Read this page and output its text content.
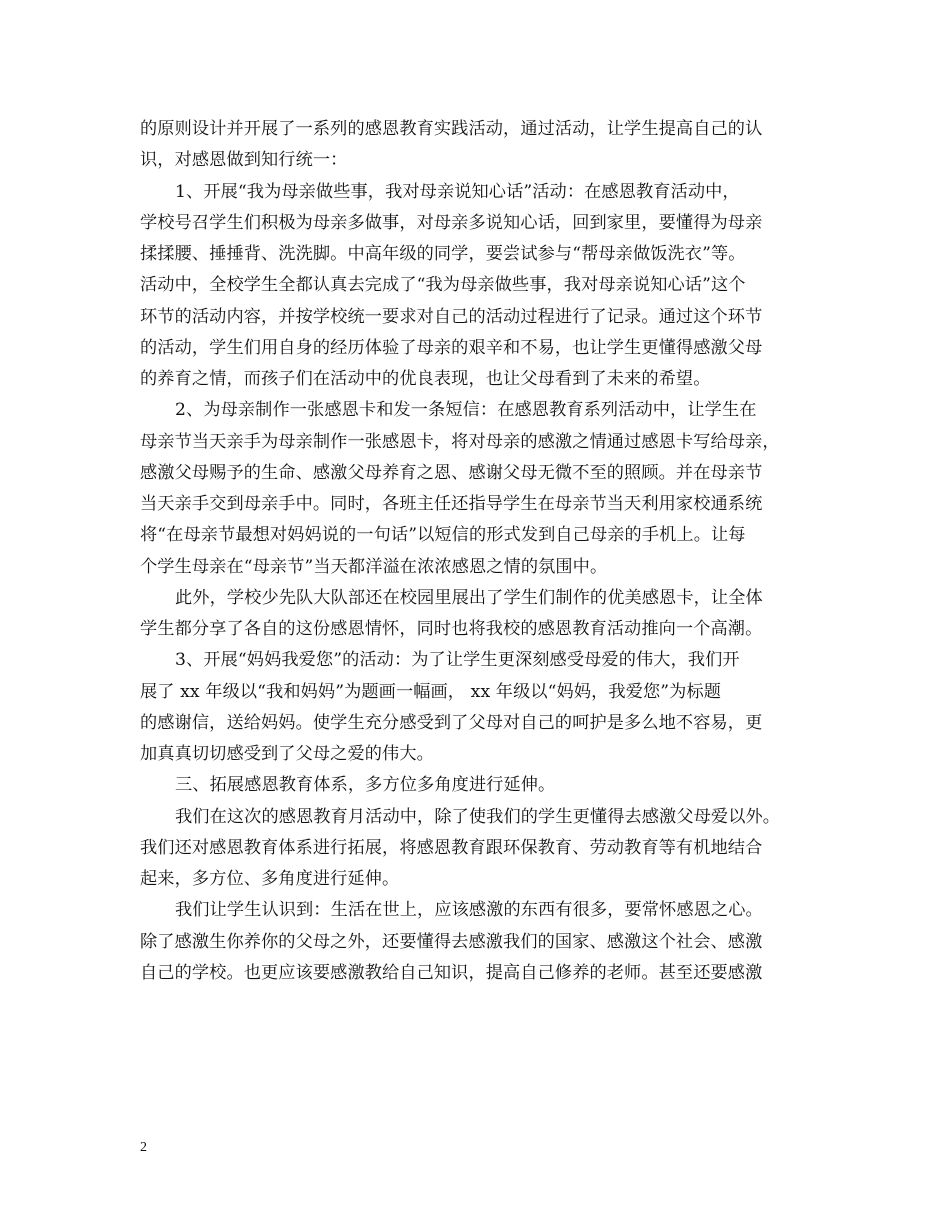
的原则设计并开展了一系列的感恩教育实践活动，通过活动，让学生提高自己的认
识，对感恩做到知行统一：
1、开展“我为母亲做些事，我对母亲说知心话”活动：在感恩教育活动中，
学校号召学生们积极为母亲多做事，对母亲多说知心话，回到家里，要懂得为母亲
揉揉腰、捶捶背、洗洗脚。中高年级的同学，要尝试参与“帮母亲做饭洗衣”等。
活动中，全校学生全都认真去完成了“我为母亲做些事，我对母亲说知心话”这个
环节的活动内容，并按学校统一要求对自己的活动过程进行了记录。通过这个环节
的活动，学生们用自身的经历体验了母亲的艰辛和不易，也让学生更懂得感激父母
的养育之情，而孩子们在活动中的优良表现，也让父母看到了未来的希望。
2、为母亲制作一张感恩卡和发一条短信：在感恩教育系列活动中，让学生在
母亲节当天亲手为母亲制作一张感恩卡，将对母亲的感激之情通过感恩卡写给母亲，
感激父母赐予的生命、感激父母养育之恩、感谢父母无微不至的照顾。并在母亲节
当天亲手交到母亲手中。同时，各班主任还指导学生在母亲节当天利用家校通系统
将“在母亲节最想对妈妈说的一句话”以短信的形式发到自己母亲的手机上。让每
个学生母亲在“母亲节”当天都洋溢在浓浓感恩之情的氛围中。
此外，学校少先队大队部还在校园里展出了学生们制作的优美感恩卡，让全体
学生都分享了各自的这份感恩情怀，同时也将我校的感恩教育活动推向一个高潮。
3、开展“妈妈我爱您”的活动：为了让学生更深刻感受母爱的伟大，我们开
展了 xx 年级以“我和妈妈”为题画一幅画， xx 年级以“妈妈，我爱您”为标题
的感谢信，送给妈妈。使学生充分感受到了父母对自己的呵护是多么地不容易，更
加真真切切感受到了父母之爱的伟大。
三、拓展感恩教育体系，多方位多角度进行延伸。
我们在这次的感恩教育月活动中，除了使我们的学生更懂得去感激父母爱以外。
我们还对感恩教育体系进行拓展，将感恩教育跟环保教育、劳动教育等有机地结合
起来，多方位、多角度进行延伸。
我们让学生认识到：生活在世上，应该感激的东西有很多，要常怀感恩之心。
除了感激生你养你的父母之外，还要懂得去感激我们的国家、感激这个社会、感激
自己的学校。也更应该要感激教给自己知识，提高自己修养的老师。甚至还要感激
2
